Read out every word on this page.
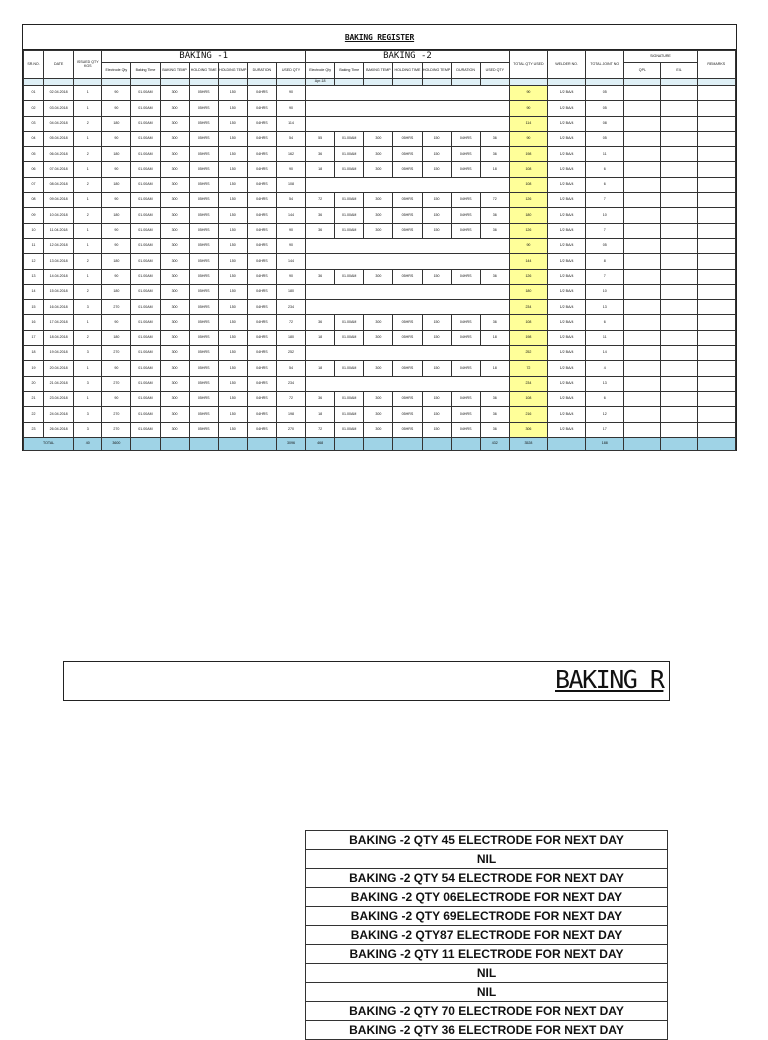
BAKING REGISTER
SR.NO.	DATE	ISSUED QTY KGS	BAKING -1							BAKING -2							TOTAL QTY USED	WELDER NO.	TOTAL JOINT NO	SIGNATURE		REMARKS
			Electrode Qty	Baking Time	BAKING TEMP	HOLDING TIME	HOLDING TEMP	DURATION	USED QTY	Electrode Qty	Baking Time	BAKING TEMP	HOLDING TIME	HOLDING TEMP	DURATION	USED QTY				QPL	EIL	
										Apr-18												
01	02.04.2018	1	90	01.00AM	300	05HRS	150	04HRS	90								90	1/2 BA/4	05			
02	03.04.2018	1	90	01.00AM	300	05HRS	150	04HRS	90								90	1/2 BA/4	05			
03	04.04.2018	2	180	01.00AM	300	05HRS	150	04HRS	114								114	1/2 BA/4	08			
04	05.04.2018	1	90	01.00AM	300	05HRS	150	04HRS	54	55	01.00AM	300	05HRS	150	04HRS	36	90	1/2 BA/4	05			
05	06.04.2018	2	180	01.00AM	300	05HRS	150	04HRS	162	36	01.00AM	300	05HRS	150	04HRS	36	198	1/2 BA/4	11			
06	07.04.2018	1	90	01.00AM	300	05HRS	150	04HRS	90	18	01.00AM	300	05HRS	150	04HRS	18	108	1/2 BA/4	6			
07	08.04.2018	2	180	01.00AM	300	05HRS	150	04HRS	108								108	1/2 BA/4	6			
08	09.04.2018	1	90	01.00AM	300	05HRS	150	04HRS	54	72	01.00AM	300	05HRS	150	04HRS	72	126	1/2 BA/4	7			
09	10.04.2018	2	180	01.00AM	300	05HRS	150	04HRS	144	36	01.00AM	300	05HRS	150	04HRS	36	180	1/2 BA/4	10			
10	11.04.2018	1	90	01.00AM	300	05HRS	150	04HRS	90	36	01.00AM	300	05HRS	150	04HRS	36	126	1/2 BA/4	7			
11	12.04.2018	1	90	01.00AM	300	05HRS	150	04HRS	90								90	1/2 BA/4	05			
12	13.04.2018	2	180	01.00AM	300	05HRS	150	04HRS	144								144	1/2 BA/4	8			
13	14.04.2018	1	90	01.00AM	300	05HRS	150	04HRS	90	36	01.00AM	300	05HRS	150	04HRS	36	126	1/2 BA/4	7			
14	15.04.2018	2	180	01.00AM	300	05HRS	150	04HRS	180								180	1/2 BA/4	10			
15	16.04.2018	3	270	01.00AM	300	05HRS	150	04HRS	234								234	1/2 BA/4	13			
16	17.04.2018	1	90	01.00AM	300	05HRS	150	04HRS	72	36	01.00AM	300	05HRS	150	04HRS	36	108	1/2 BA/4	6			
17	18.04.2018	2	180	01.00AM	300	05HRS	150	04HRS	180	18	01.00AM	300	05HRS	150	04HRS	18	198	1/2 BA/4	11			
18	19.04.2018	3	270	01.00AM	300	05HRS	150	04HRS	252								252	1/2 BA/4	14			
19	20.04.2018	1	90	01.00AM	300	05HRS	150	04HRS	54	18	01.00AM	300	05HRS	150	04HRS	18	72	1/2 BA/4	4			
20	21.04.2018	3	270	01.00AM	300	05HRS	150	04HRS	234								234	1/2 BA/4	13			
21	23.04.2018	1	90	01.00AM	300	05HRS	150	04HRS	72	36	01.00AM	300	05HRS	150	04HRS	36	108	1/2 BA/4	6			
22	24.04.2018	3	270	01.00AM	300	05HRS	150	04HRS	198	18	01.00AM	300	05HRS	150	04HRS	36	216	1/2 BA/4	12			
23	26.04.2018	3	270	01.00AM	300	05HRS	150	04HRS	270	72	01.00AM	300	05HRS	150	04HRS	36	306	1/2 BA/4	17			
TOTAL		40	3600						3096	468						432	3528		188			
BAKING R
BAKING -2 QTY 45 ELECTRODE FOR NEXT DAY
NIL
BAKING -2 QTY 54 ELECTRODE FOR NEXT DAY
BAKING -2 QTY 06ELECTRODE FOR NEXT DAY
BAKING -2 QTY 69ELECTRODE FOR NEXT DAY
BAKING -2 QTY87 ELECTRODE FOR NEXT DAY
BAKING -2 QTY 11 ELECTRODE FOR NEXT DAY
NIL
NIL
BAKING -2 QTY 70 ELECTRODE FOR NEXT DAY
BAKING -2 QTY 36 ELECTRODE FOR NEXT DAY
